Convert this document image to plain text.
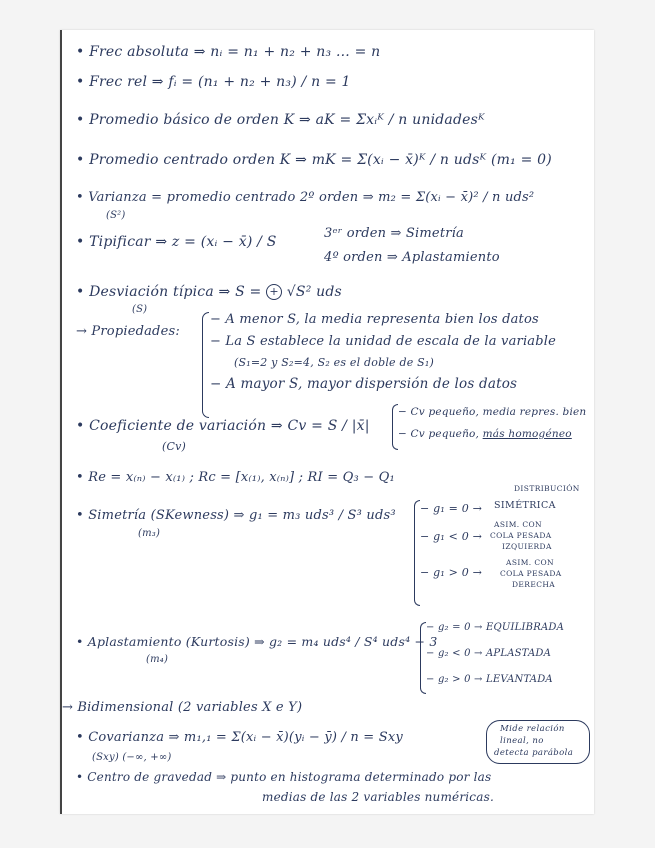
• Frec absoluta ⇒ nᵢ = n₁ + n₂ + n₃ ... = n
• Frec rel ⇒ fᵢ = (n₁ + n₂ + n₃) / n = 1
• Promedio básico de orden K ⇒ aK = Σxᵢᴷ / n unidadesᴷ
• Promedio centrado orden K ⇒ mK = Σ(xᵢ − x̄)ᴷ / n udsᴷ (m₁ = 0)
• Varianza = promedio centrado 2º orden ⇒ m₂ = Σ(xᵢ − x̄)² / n uds²
(S²)
• Tipificar ⇒ z = (xᵢ − x̄) / S
3ᵉʳ orden ⇒ Simetría
4º orden ⇒ Aplastamiento
• Desviación típica ⇒ S = + √S² uds
(S)
→ Propiedades:
− A menor S, la media representa bien los datos
− La S establece la unidad de escala de la variable
(S₁=2 y S₂=4, S₂ es el doble de S₁)
− A mayor S, mayor dispersión de los datos
• Coeficiente de variación ⇒ Cv = S / |x̄|
(Cv)
− Cv pequeño, media repres. bien
− Cv pequeño, más homogéneo
• Re = x₍ₙ₎ − x₍₁₎ ; Rc = [x₍₁₎, x₍ₙ₎] ; RI = Q₃ − Q₁
• Simetría (SKewness) ⇒ g₁ = m₃ uds³ / S³ uds³
(m₃)
− g₁ = 0 →
DISTRIBUCIÓN
SIMÉTRICA
− g₁ < 0 →
ASIM. CON
COLA PESADA
IZQUIERDA
− g₁ > 0 →
ASIM. CON
COLA PESADA
DERECHA
• Aplastamiento (Kurtosis) ⇒ g₂ = m₄ uds⁴ / S⁴ uds⁴ − 3
(m₄)
− g₂ = 0 → EQUILIBRADA
− g₂ < 0 → APLASTADA
− g₂ > 0 → LEVANTADA
→ Bidimensional (2 variables X e Y)
• Covarianza ⇒ m₁,₁ = Σ(xᵢ − x̄)(yᵢ − ȳ) / n = Sxy
(Sxy) (−∞, +∞)
Mide relación
lineal, no
detecta parábola
• Centro de gravedad ⇒ punto en histograma determinado por las
medias de las 2 variables numéricas.
